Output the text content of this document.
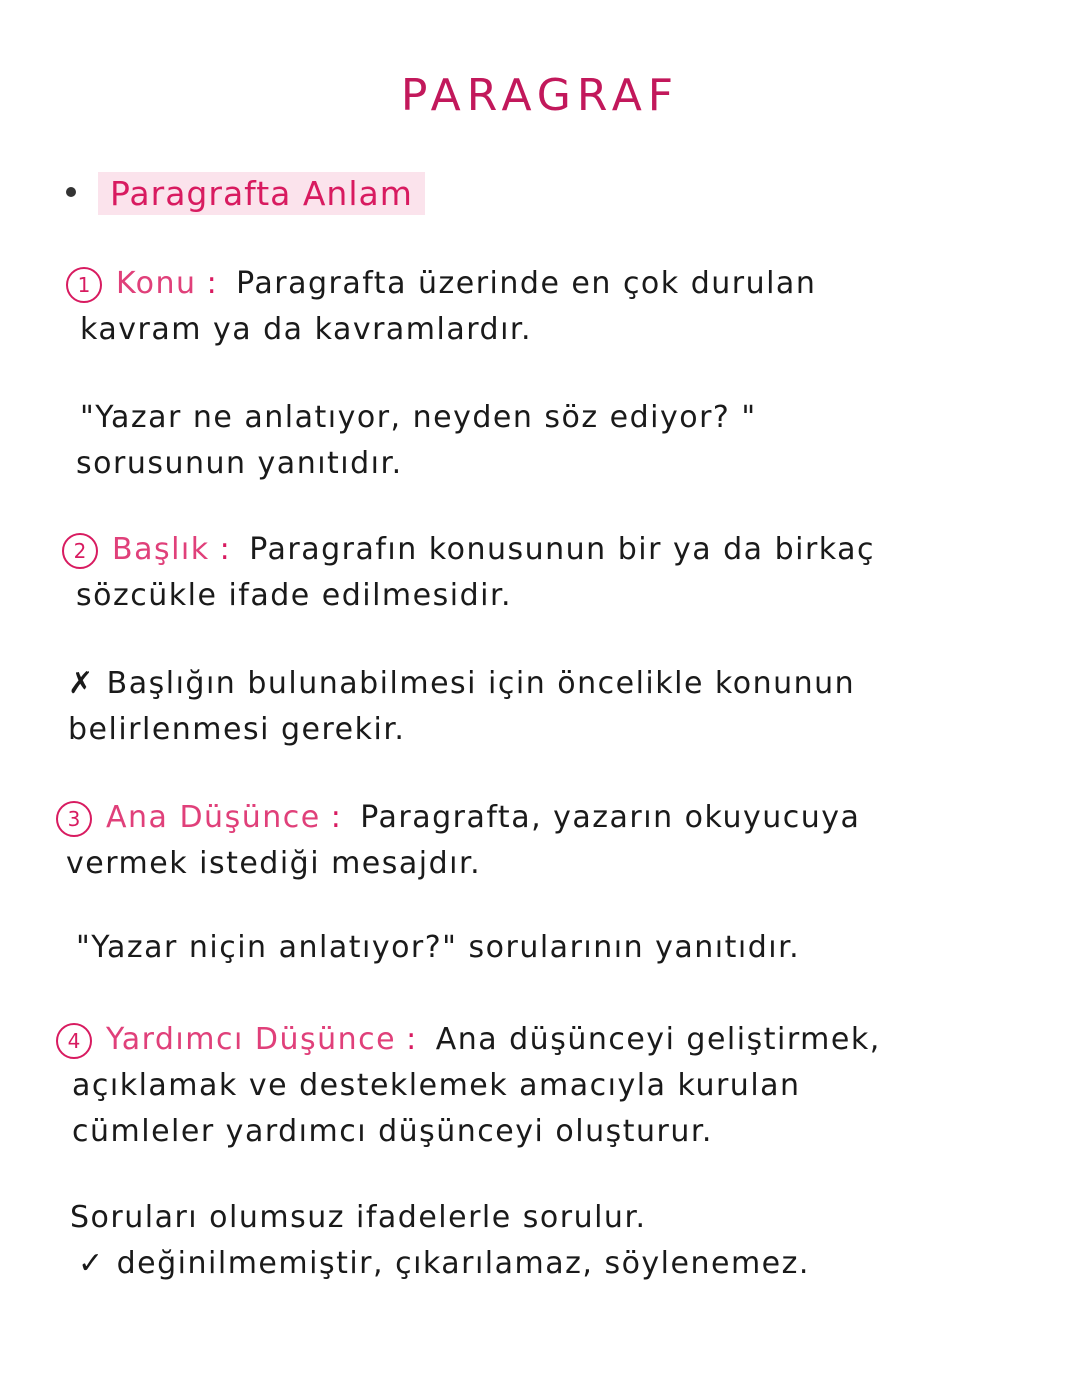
PARAGRAF
Paragrafta Anlam
1 Konu : Paragrafta üzerinde en çok durulan
kavram ya da kavramlardır.
"Yazar ne anlatıyor, neyden söz ediyor? "
sorusunun yanıtıdır.
2 Başlık : Paragrafın konusunun bir ya da birkaç
sözcükle ifade edilmesidir.
✗ Başlığın bulunabilmesi için öncelikle konunun
belirlenmesi gerekir.
3 Ana Düşünce : Paragrafta, yazarın okuyucuya
vermek istediği mesajdır.
"Yazar niçin anlatıyor?" sorularının yanıtıdır.
4 Yardımcı Düşünce : Ana düşünceyi geliştirmek,
açıklamak ve desteklemek amacıyla kurulan
cümleler yardımcı düşünceyi oluşturur.
Soruları olumsuz ifadelerle sorulur.
✓ değinilmemiştir, çıkarılamaz, söylenemez.
